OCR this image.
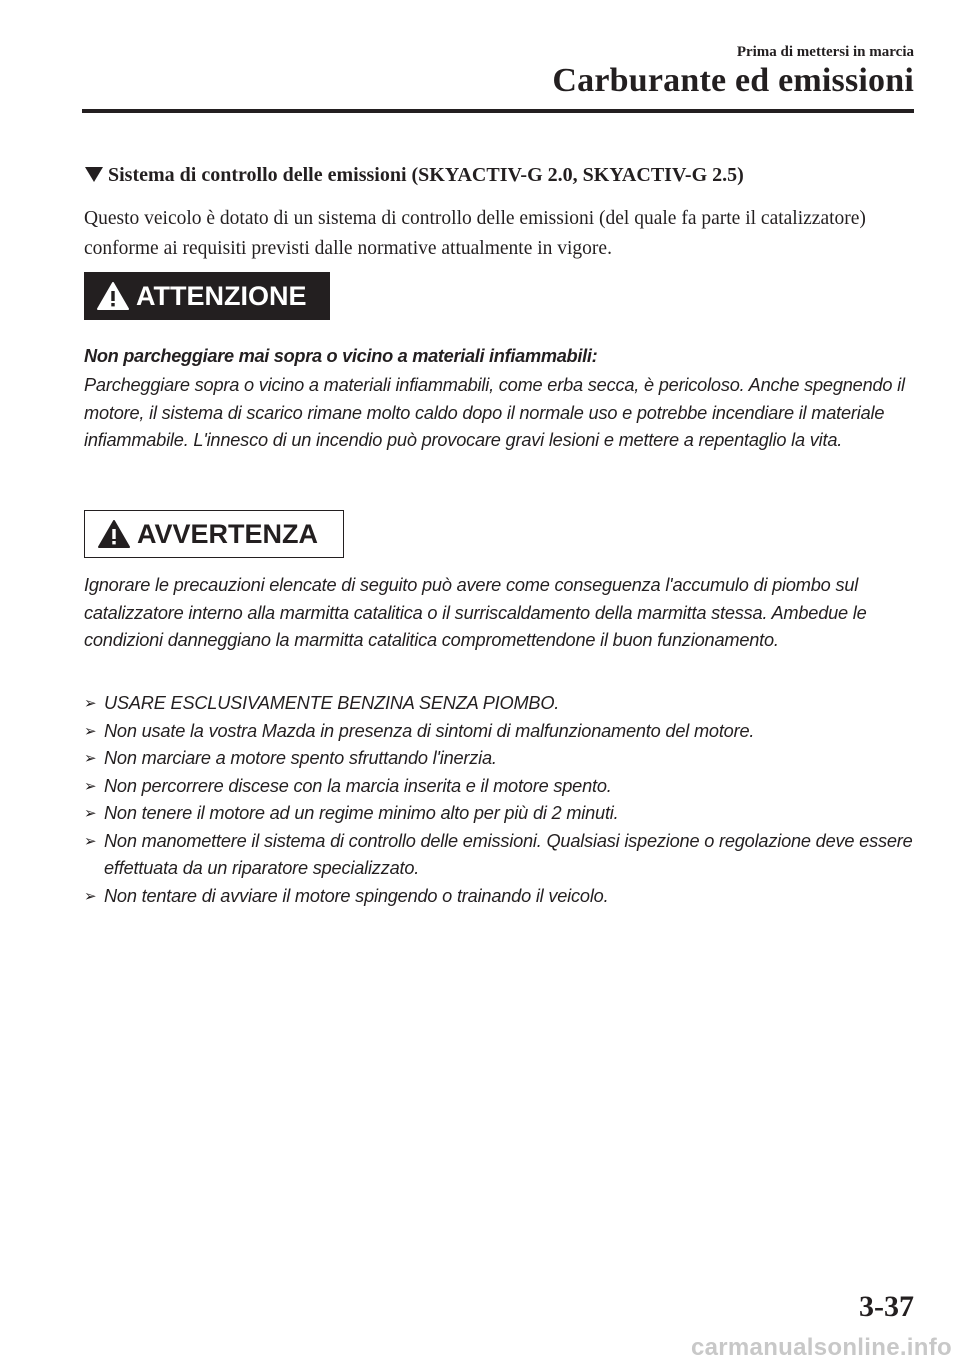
Prima di mettersi in marcia
Carburante ed emissioni
Sistema di controllo delle emissioni (SKYACTIV-G 2.0, SKYACTIV-G 2.5)
Questo veicolo è dotato di un sistema di controllo delle emissioni (del quale fa parte il catalizzatore) conforme ai requisiti previsti dalle normative attualmente in vigore.
ATTENZIONE
Non parcheggiare mai sopra o vicino a materiali infiammabili:
Parcheggiare sopra o vicino a materiali infiammabili, come erba secca, è pericoloso. Anche spegnendo il motore, il sistema di scarico rimane molto caldo dopo il normale uso e potrebbe incendiare il materiale infiammabile. L'innesco di un incendio può provocare gravi lesioni e mettere a repentaglio la vita.
AVVERTENZA
Ignorare le precauzioni elencate di seguito può avere come conseguenza l'accumulo di piombo sul catalizzatore interno alla marmitta catalitica o il surriscaldamento della marmitta stessa. Ambedue le condizioni danneggiano la marmitta catalitica compromettendone il buon funzionamento.
➢ USARE ESCLUSIVAMENTE BENZINA SENZA PIOMBO.
➢ Non usate la vostra Mazda in presenza di sintomi di malfunzionamento del motore.
➢ Non marciare a motore spento sfruttando l'inerzia.
➢ Non percorrere discese con la marcia inserita e il motore spento.
➢ Non tenere il motore ad un regime minimo alto per più di 2 minuti.
➢ Non manomettere il sistema di controllo delle emissioni. Qualsiasi ispezione o regolazione deve essere effettuata da un riparatore specializzato.
➢ Non tentare di avviare il motore spingendo o trainando il veicolo.
3-37
carmanualsonline.info
